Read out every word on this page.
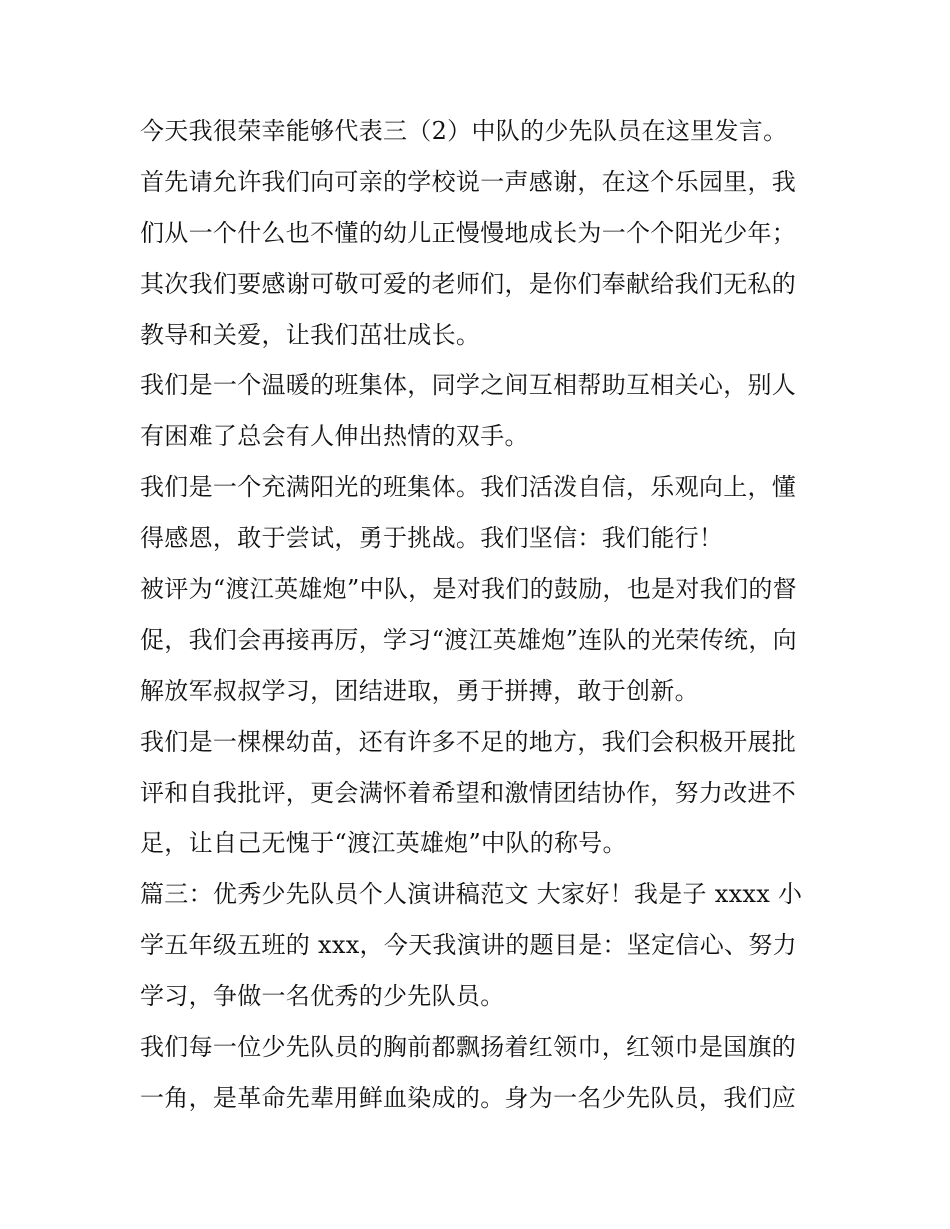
今天我很荣幸能够代表三（2）中队的少先队员在这里发言。
首先请允许我们向可亲的学校说一声感谢，在这个乐园里，我
们从一个什么也不懂的幼儿正慢慢地成长为一个个阳光少年；
其次我们要感谢可敬可爱的老师们，是你们奉献给我们无私的
教导和关爱，让我们茁壮成长。
我们是一个温暖的班集体，同学之间互相帮助互相关心，别人
有困难了总会有人伸出热情的双手。
我们是一个充满阳光的班集体。我们活泼自信，乐观向上，懂
得感恩，敢于尝试，勇于挑战。我们坚信：我们能行！
被评为“渡江英雄炮”中队，是对我们的鼓励，也是对我们的督
促，我们会再接再厉，学习“渡江英雄炮”连队的光荣传统，向
解放军叔叔学习，团结进取，勇于拼搏，敢于创新。
我们是一棵棵幼苗，还有许多不足的地方，我们会积极开展批
评和自我批评，更会满怀着希望和激情团结协作，努力改进不
足，让自己无愧于“渡江英雄炮”中队的称号。
篇三：优秀少先队员个人演讲稿范文 大家好！我是子 xxxx 小
学五年级五班的 xxx，今天我演讲的题目是：坚定信心、努力
学习，争做一名优秀的少先队员。
我们每一位少先队员的胸前都飘扬着红领巾，红领巾是国旗的
一角，是革命先辈用鲜血染成的。身为一名少先队员，我们应
